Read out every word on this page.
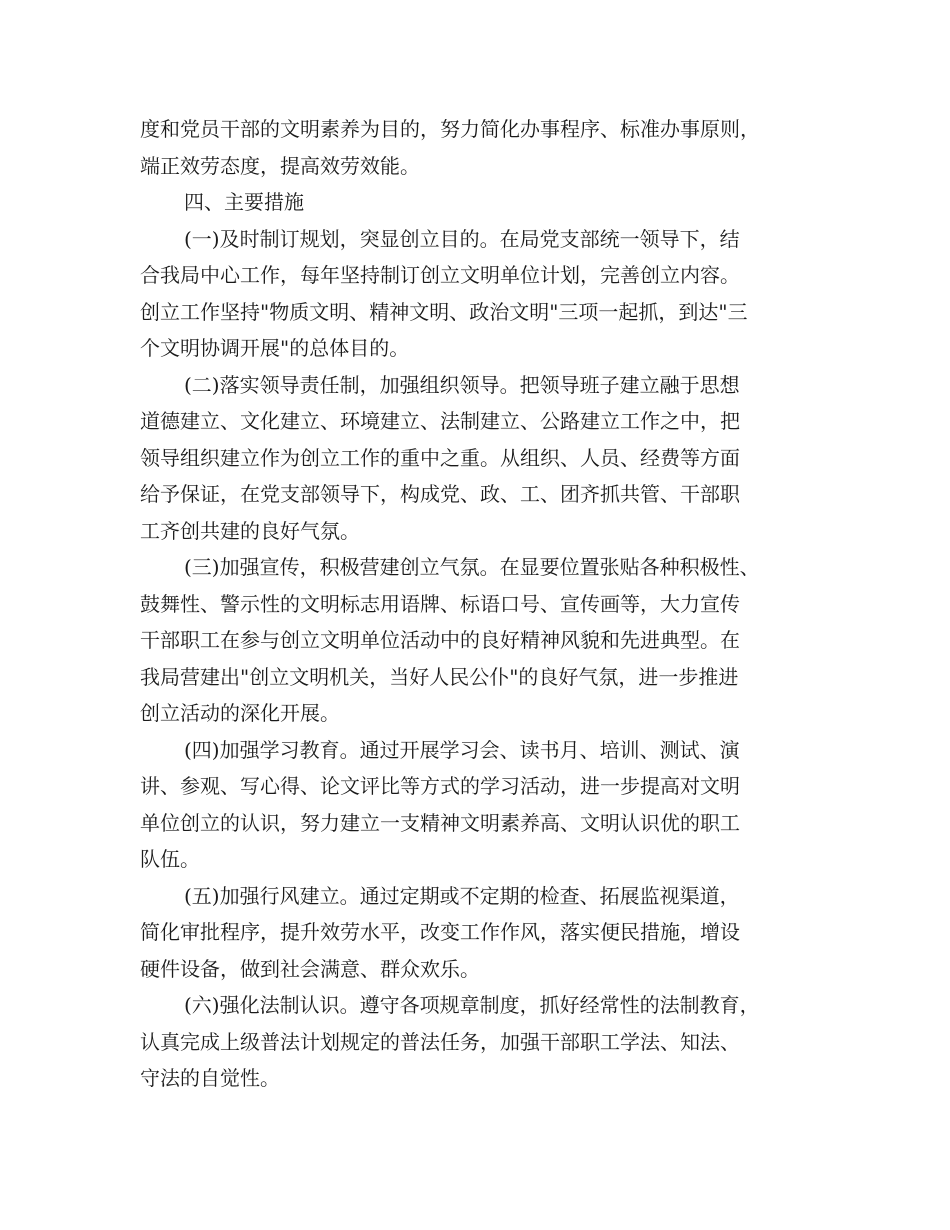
度和党员干部的文明素养为目的，努力简化办事程序、标准办事原则，
端正效劳态度，提高效劳效能。
四、主要措施
(一)及时制订规划，突显创立目的。在局党支部统一领导下，结
合我局中心工作，每年坚持制订创立文明单位计划，完善创立内容。
创立工作坚持"物质文明、精神文明、政治文明"三项一起抓，到达"三
个文明协调开展"的总体目的。
(二)落实领导责任制，加强组织领导。把领导班子建立融于思想
道德建立、文化建立、环境建立、法制建立、公路建立工作之中，把
领导组织建立作为创立工作的重中之重。从组织、人员、经费等方面
给予保证，在党支部领导下，构成党、政、工、团齐抓共管、干部职
工齐创共建的良好气氛。
(三)加强宣传，积极营建创立气氛。在显要位置张贴各种积极性、
鼓舞性、警示性的文明标志用语牌、标语口号、宣传画等，大力宣传
干部职工在参与创立文明单位活动中的良好精神风貌和先进典型。在
我局营建出"创立文明机关，当好人民公仆"的良好气氛，进一步推进
创立活动的深化开展。
(四)加强学习教育。通过开展学习会、读书月、培训、测试、演
讲、参观、写心得、论文评比等方式的学习活动，进一步提高对文明
单位创立的认识，努力建立一支精神文明素养高、文明认识优的职工
队伍。
(五)加强行风建立。通过定期或不定期的检查、拓展监视渠道，
简化审批程序，提升效劳水平，改变工作作风，落实便民措施，增设
硬件设备，做到社会满意、群众欢乐。
(六)强化法制认识。遵守各项规章制度，抓好经常性的法制教育，
认真完成上级普法计划规定的普法任务，加强干部职工学法、知法、
守法的自觉性。
